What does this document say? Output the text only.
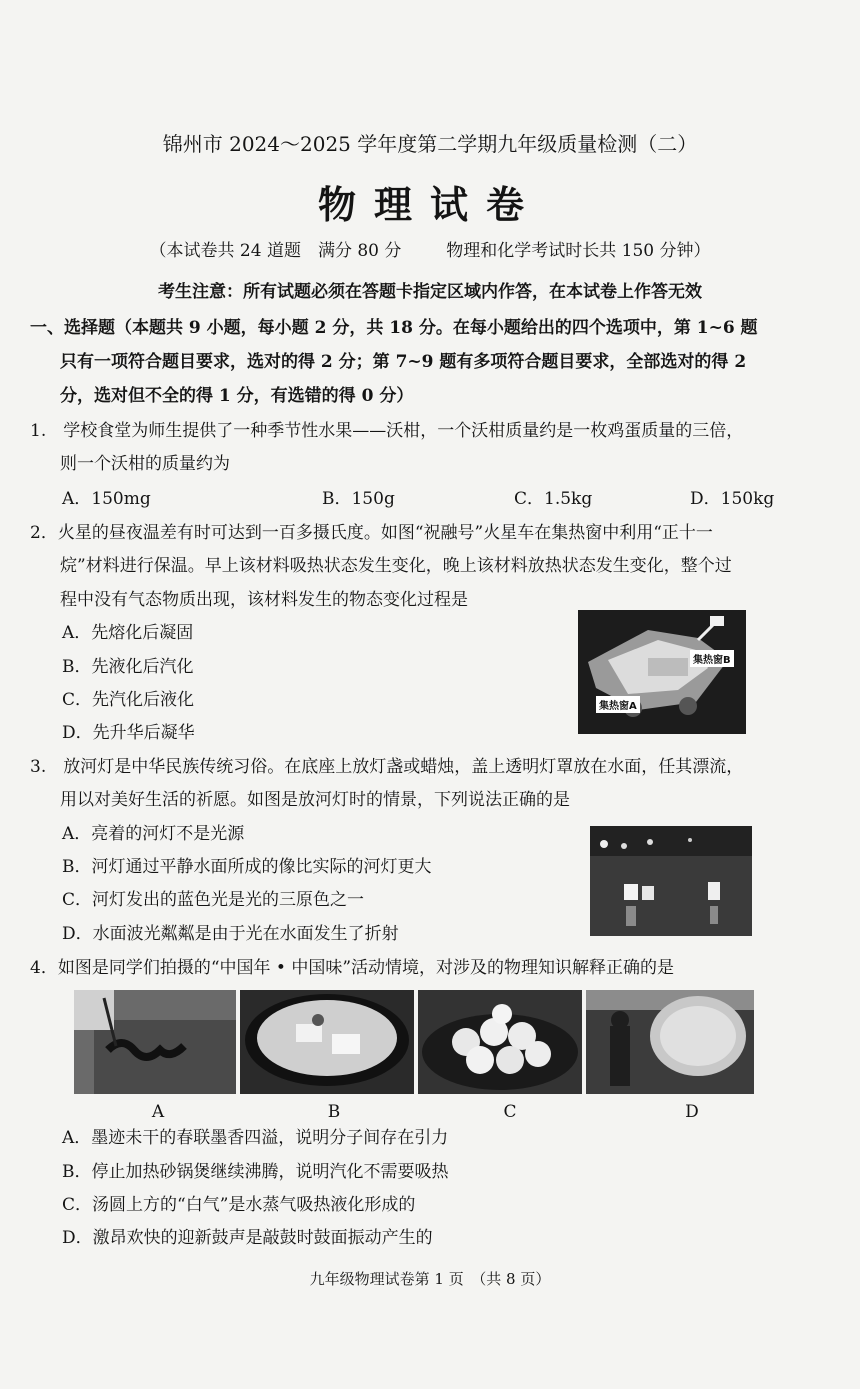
锦州市 2024～2025 学年度第二学期九年级质量检测（二）
物理试卷
（本试卷共 24 道题　满分 80 分	物理和化学考试时长共 150 分钟）
考生注意：所有试题必须在答题卡指定区域内作答，在本试卷上作答无效
一、选择题（本题共 9 小题，每小题 2 分，共 18 分。在每小题给出的四个选项中，第 1~6 题
只有一项符合题目要求，选对的得 2 分；第 7~9 题有多项符合题目要求，全部选对的得 2
分，选对但不全的得 1 分，有选错的得 0 分）
1.　学校食堂为师生提供了一种季节性水果——沃柑，一个沃柑质量约是一枚鸡蛋质量的三倍，
则一个沃柑的质量约为
A．150mg	B．150g	C．1.5kg	D．150kg
2．火星的昼夜温差有时可达到一百多摄氏度。如图“祝融号”火星车在集热窗中利用“正十一
烷”材料进行保温。早上该材料吸热状态发生变化，晚上该材料放热状态发生变化，整个过
程中没有气态物质出现，该材料发生的物态变化过程是
A．先熔化后凝固
B．先液化后汽化
C．先汽化后液化
D．先升华后凝华
集热窗B
集热窗A
3.　放河灯是中华民族传统习俗。在底座上放灯盏或蜡烛，盖上透明灯罩放在水面，任其漂流，
用以对美好生活的祈愿。如图是放河灯时的情景，下列说法正确的是
A．亮着的河灯不是光源
B．河灯通过平静水面所成的像比实际的河灯更大
C．河灯发出的蓝色光是光的三原色之一
D．水面波光粼粼是由于光在水面发生了折射
4．如图是同学们拍摄的“中国年 • 中国味”活动情境，对涉及的物理知识解释正确的是
A	B	C	D
A．墨迹未干的春联墨香四溢，说明分子间存在引力
B．停止加热砂锅煲继续沸腾，说明汽化不需要吸热
C．汤圆上方的“白气”是水蒸气吸热液化形成的
D．激昂欢快的迎新鼓声是敲鼓时鼓面振动产生的
九年级物理试卷第 1 页　（共 8 页）
